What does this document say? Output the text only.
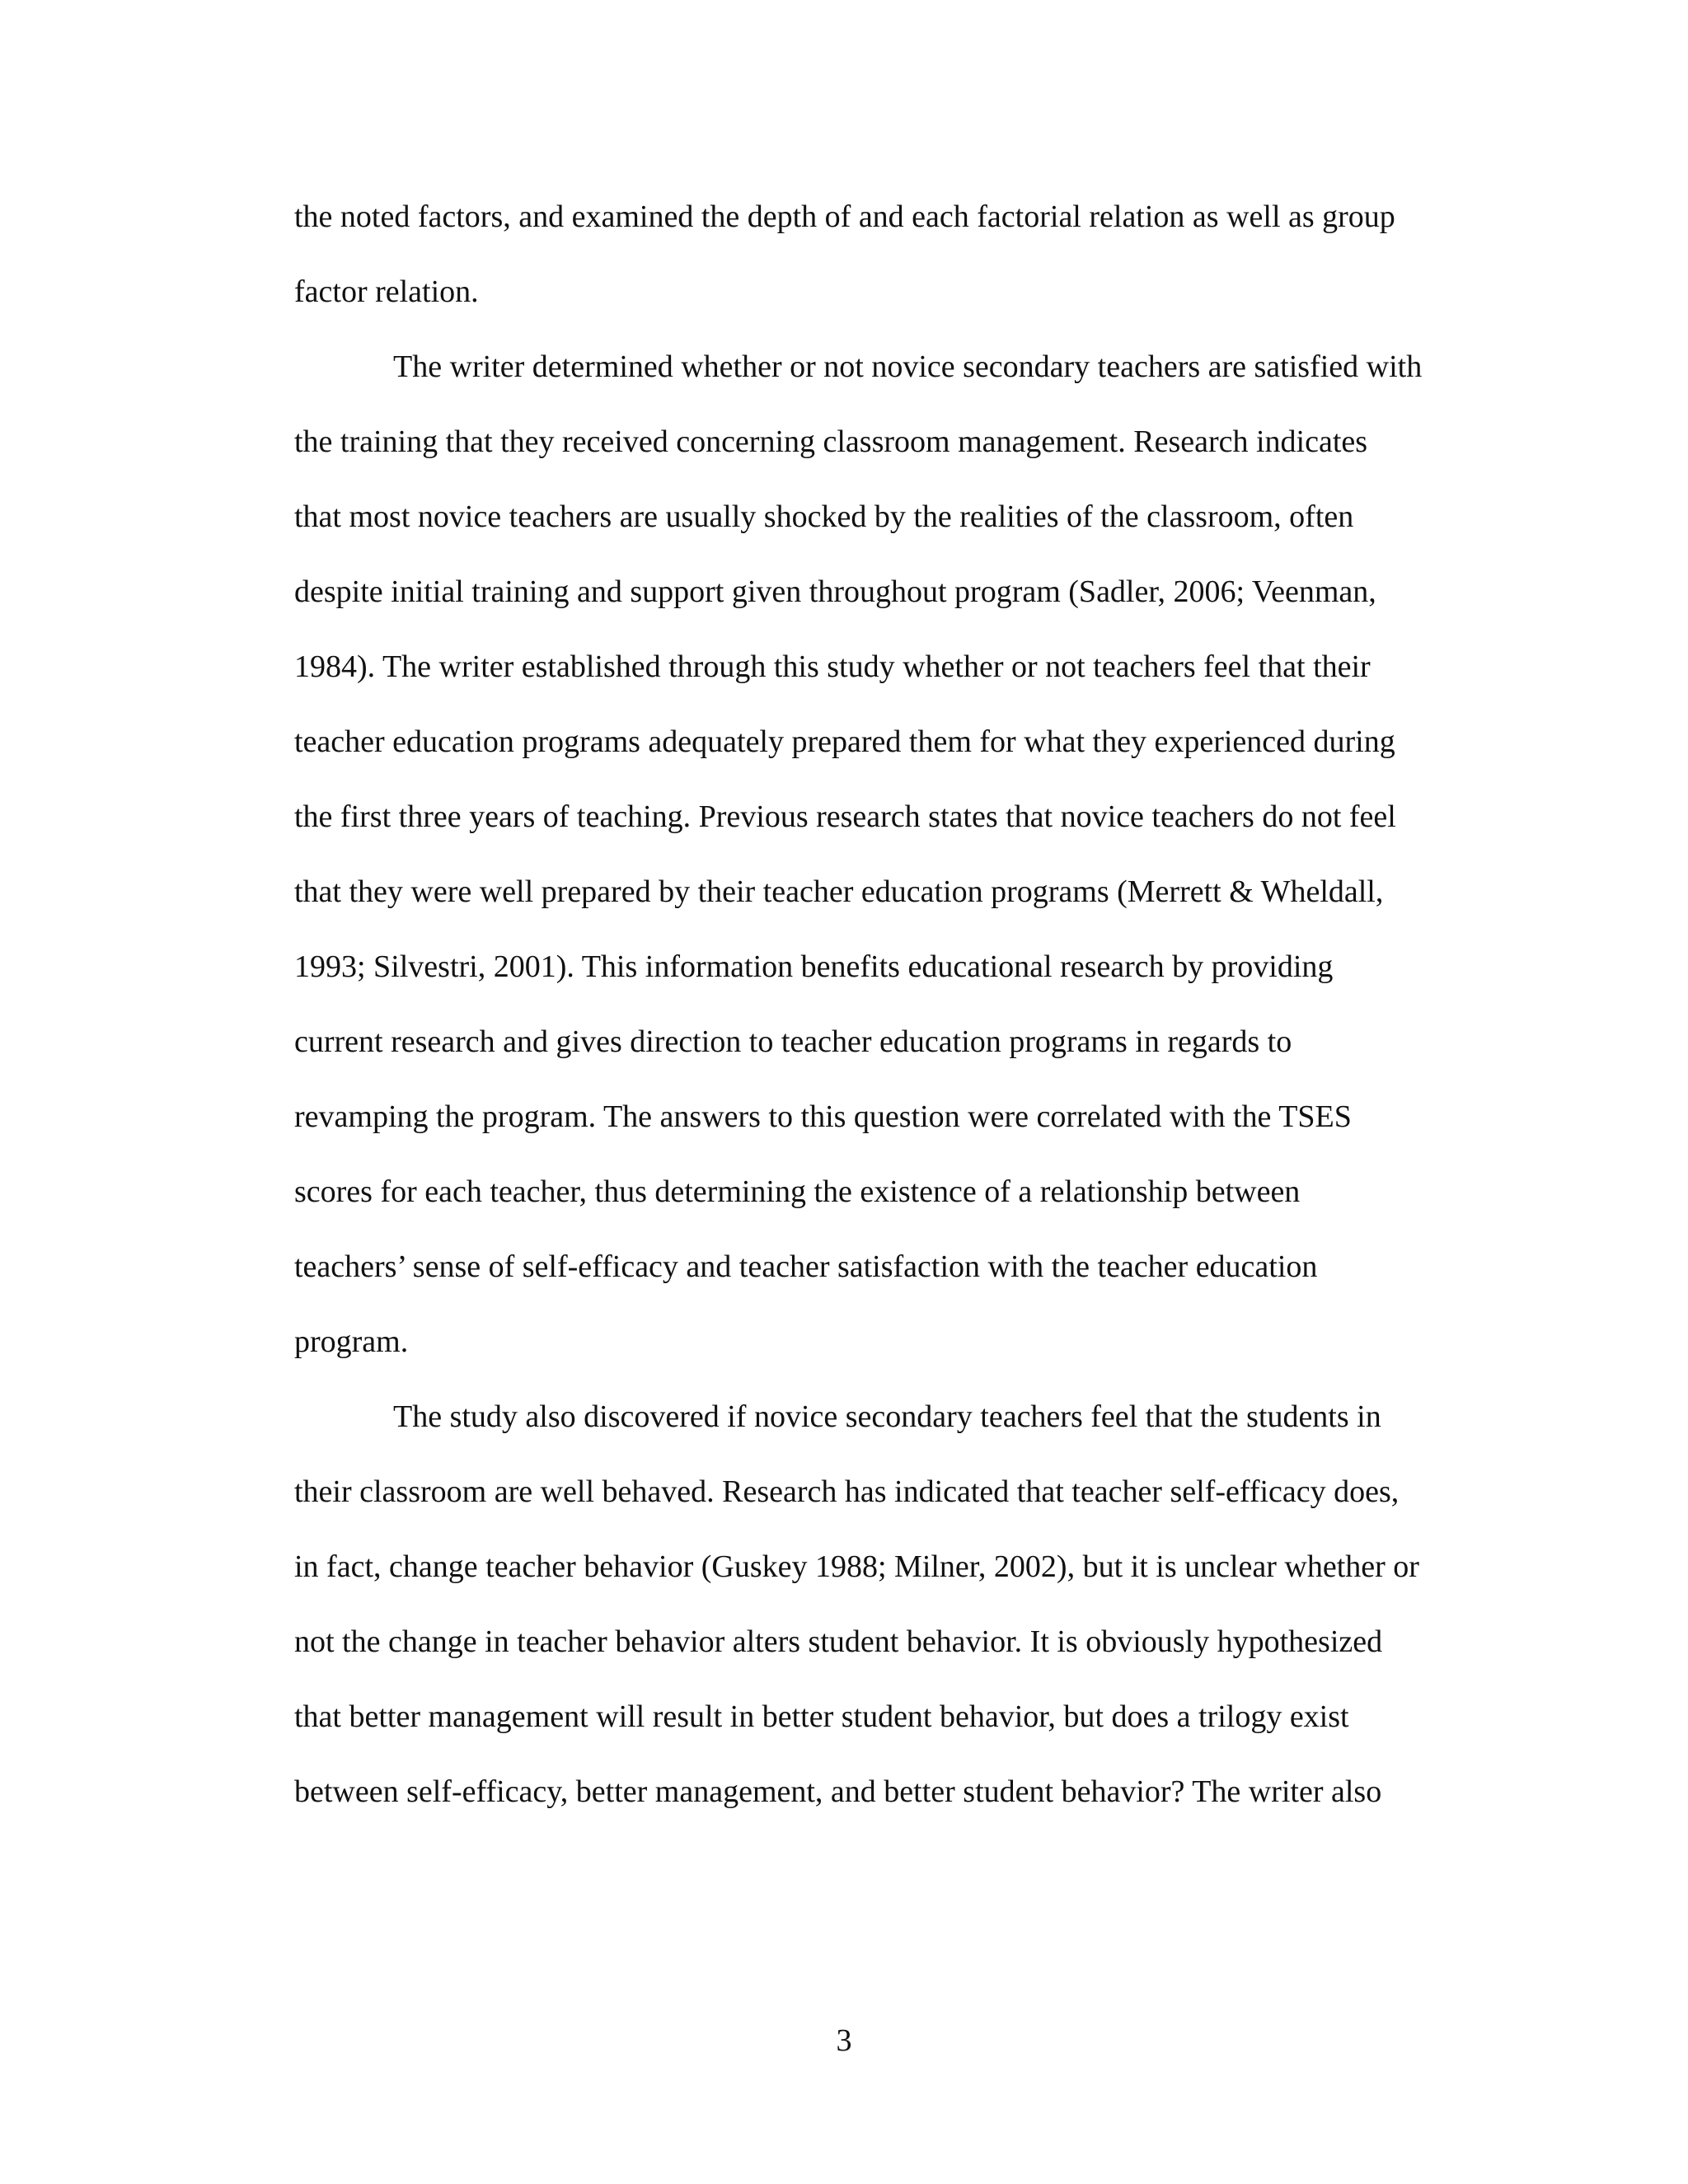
the noted factors, and examined the depth of and each factorial relation as well as group
factor relation.
The writer determined whether or not novice secondary teachers are satisfied with
the training that they received concerning classroom management. Research indicates
that most novice teachers are usually shocked by the realities of the classroom, often
despite initial training and support given throughout program (Sadler, 2006; Veenman,
1984). The writer established through this study whether or not teachers feel that their
teacher education programs adequately prepared them for what they experienced during
the first three years of teaching. Previous research states that novice teachers do not feel
that they were well prepared by their teacher education programs (Merrett & Wheldall,
1993; Silvestri, 2001). This information benefits educational research by providing
current research and gives direction to teacher education programs in regards to
revamping the program. The answers to this question were correlated with the TSES
scores for each teacher, thus determining the existence of a relationship between
teachers’ sense of self-efficacy and teacher satisfaction with the teacher education
program.
The study also discovered if novice secondary teachers feel that the students in
their classroom are well behaved. Research has indicated that teacher self-efficacy does,
in fact, change teacher behavior (Guskey 1988; Milner, 2002), but it is unclear whether or
not the change in teacher behavior alters student behavior. It is obviously hypothesized
that better management will result in better student behavior, but does a trilogy exist
between self-efficacy, better management, and better student behavior? The writer also
3
